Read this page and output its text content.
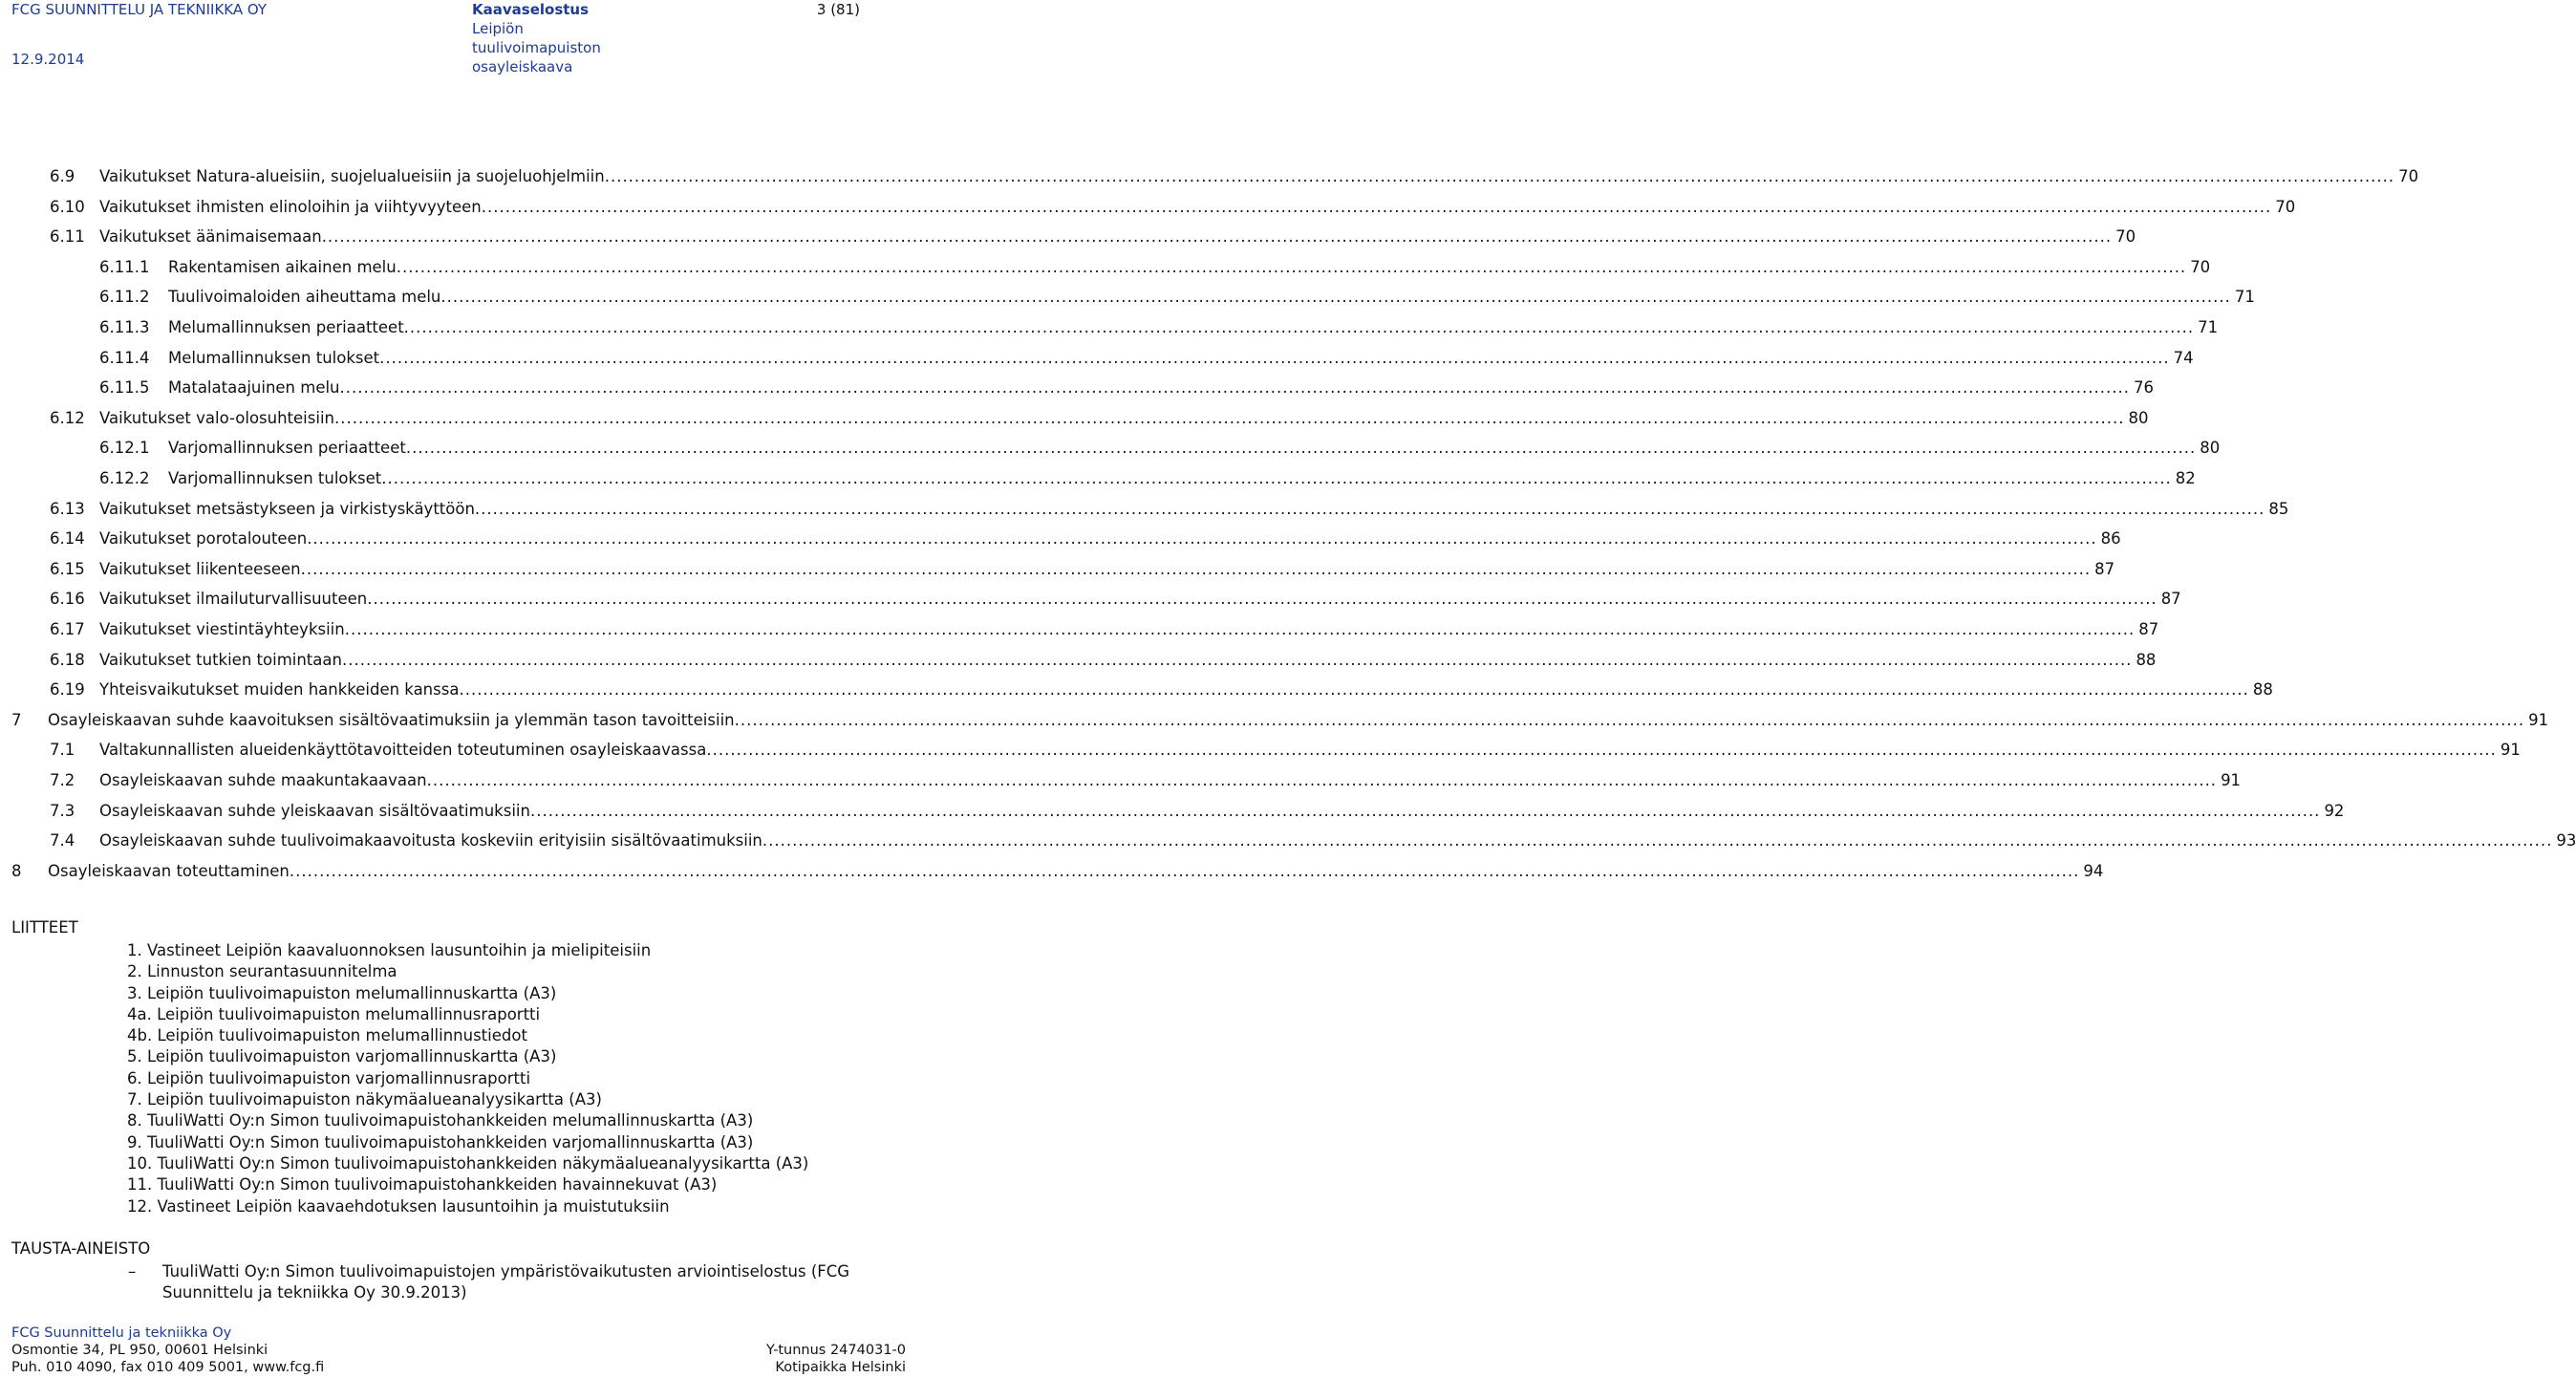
FCG SUUNNITTELU JA TEKNIIKKA OY
12.9.2014
Kaavaselostus
Leipiön
tuulivoimapuiston
osayleiskaava
3 (81)
6.9	Vaikutukset Natura-alueisiin, suojelualueisiin ja suojeluohjelmiin ............................................................................................................................................................................................................................................................................................................ 70
6.10 Vaikutukset ihmisten elinoloihin ja viihtyvyyteen ............................................................................................................................................................................................................................................................................................................ 70
6.11 Vaikutukset äänimaisemaan ............................................................................................................................................................................................................................................................................................................ 70
6.11.1	Rakentamisen aikainen melu ............................................................................................................................................................................................................................................................................................................ 70
6.11.2	Tuulivoimaloiden aiheuttama melu ............................................................................................................................................................................................................................................................................................................ 71
6.11.3	Melumallinnuksen periaatteet ............................................................................................................................................................................................................................................................................................................ 71
6.11.4	Melumallinnuksen tulokset ............................................................................................................................................................................................................................................................................................................ 74
6.11.5	Matalataajuinen melu ............................................................................................................................................................................................................................................................................................................ 76
6.12 Vaikutukset valo-olosuhteisiin ............................................................................................................................................................................................................................................................................................................ 80
6.12.1	Varjomallinnuksen periaatteet ............................................................................................................................................................................................................................................................................................................ 80
6.12.2	Varjomallinnuksen tulokset ............................................................................................................................................................................................................................................................................................................ 82
6.13 Vaikutukset metsästykseen ja virkistyskäyttöön ............................................................................................................................................................................................................................................................................................................ 85
6.14 Vaikutukset porotalouteen ............................................................................................................................................................................................................................................................................................................ 86
6.15 Vaikutukset liikenteeseen ............................................................................................................................................................................................................................................................................................................ 87
6.16 Vaikutukset ilmailuturvallisuuteen ............................................................................................................................................................................................................................................................................................................ 87
6.17 Vaikutukset viestintäyhteyksiin ............................................................................................................................................................................................................................................................................................................ 87
6.18 Vaikutukset tutkien toimintaan ............................................................................................................................................................................................................................................................................................................ 88
6.19 Yhteisvaikutukset muiden hankkeiden kanssa ............................................................................................................................................................................................................................................................................................................ 88
7	Osayleiskaavan suhde kaavoituksen sisältövaatimuksiin ja ylemmän tason tavoitteisiin ............................................................................................................................................................................................................................................................................................................ 91
7.1	Valtakunnallisten alueidenkäyttötavoitteiden toteutuminen osayleiskaavassa ............................................................................................................................................................................................................................................................................................................ 91
7.2	Osayleiskaavan suhde maakuntakaavaan ............................................................................................................................................................................................................................................................................................................ 91
7.3	Osayleiskaavan suhde yleiskaavan sisältövaatimuksiin ............................................................................................................................................................................................................................................................................................................ 92
7.4	Osayleiskaavan suhde tuulivoimakaavoitusta koskeviin erityisiin sisältövaatimuksiin ............................................................................................................................................................................................................................................................................................................ 93
8	Osayleiskaavan toteuttaminen ............................................................................................................................................................................................................................................................................................................ 94
LIITTEET
1. Vastineet Leipiön kaavaluonnoksen lausuntoihin ja mielipiteisiin
2. Linnuston seurantasuunnitelma
3. Leipiön tuulivoimapuiston melumallinnuskartta (A3)
4a. Leipiön tuulivoimapuiston melumallinnusraportti
4b. Leipiön tuulivoimapuiston melumallinnustiedot
5. Leipiön tuulivoimapuiston varjomallinnuskartta (A3)
6. Leipiön tuulivoimapuiston varjomallinnusraportti
7. Leipiön tuulivoimapuiston näkymäalueanalyysikartta (A3)
8. TuuliWatti Oy:n Simon tuulivoimapuistohankkeiden melumallinnuskartta (A3)
9. TuuliWatti Oy:n Simon tuulivoimapuistohankkeiden varjomallinnuskartta (A3)
10. TuuliWatti Oy:n Simon tuulivoimapuistohankkeiden näkymäalueanalyysikartta (A3)
11. TuuliWatti Oy:n Simon tuulivoimapuistohankkeiden havainnekuvat (A3)
12. Vastineet Leipiön kaavaehdotuksen lausuntoihin ja muistutuksiin
TAUSTA-AINEISTO
–	TuuliWatti Oy:n Simon tuulivoimapuistojen ympäristövaikutusten arviointiselostus (FCG Suunnittelu ja tekniikka Oy 30.9.2013)
FCG Suunnittelu ja tekniikka Oy
Osmontie 34, PL 950, 00601 Helsinki	Y-tunnus 2474031-0
Puh. 010 4090, fax 010 409 5001, www.fcg.fi	Kotipaikka Helsinki
